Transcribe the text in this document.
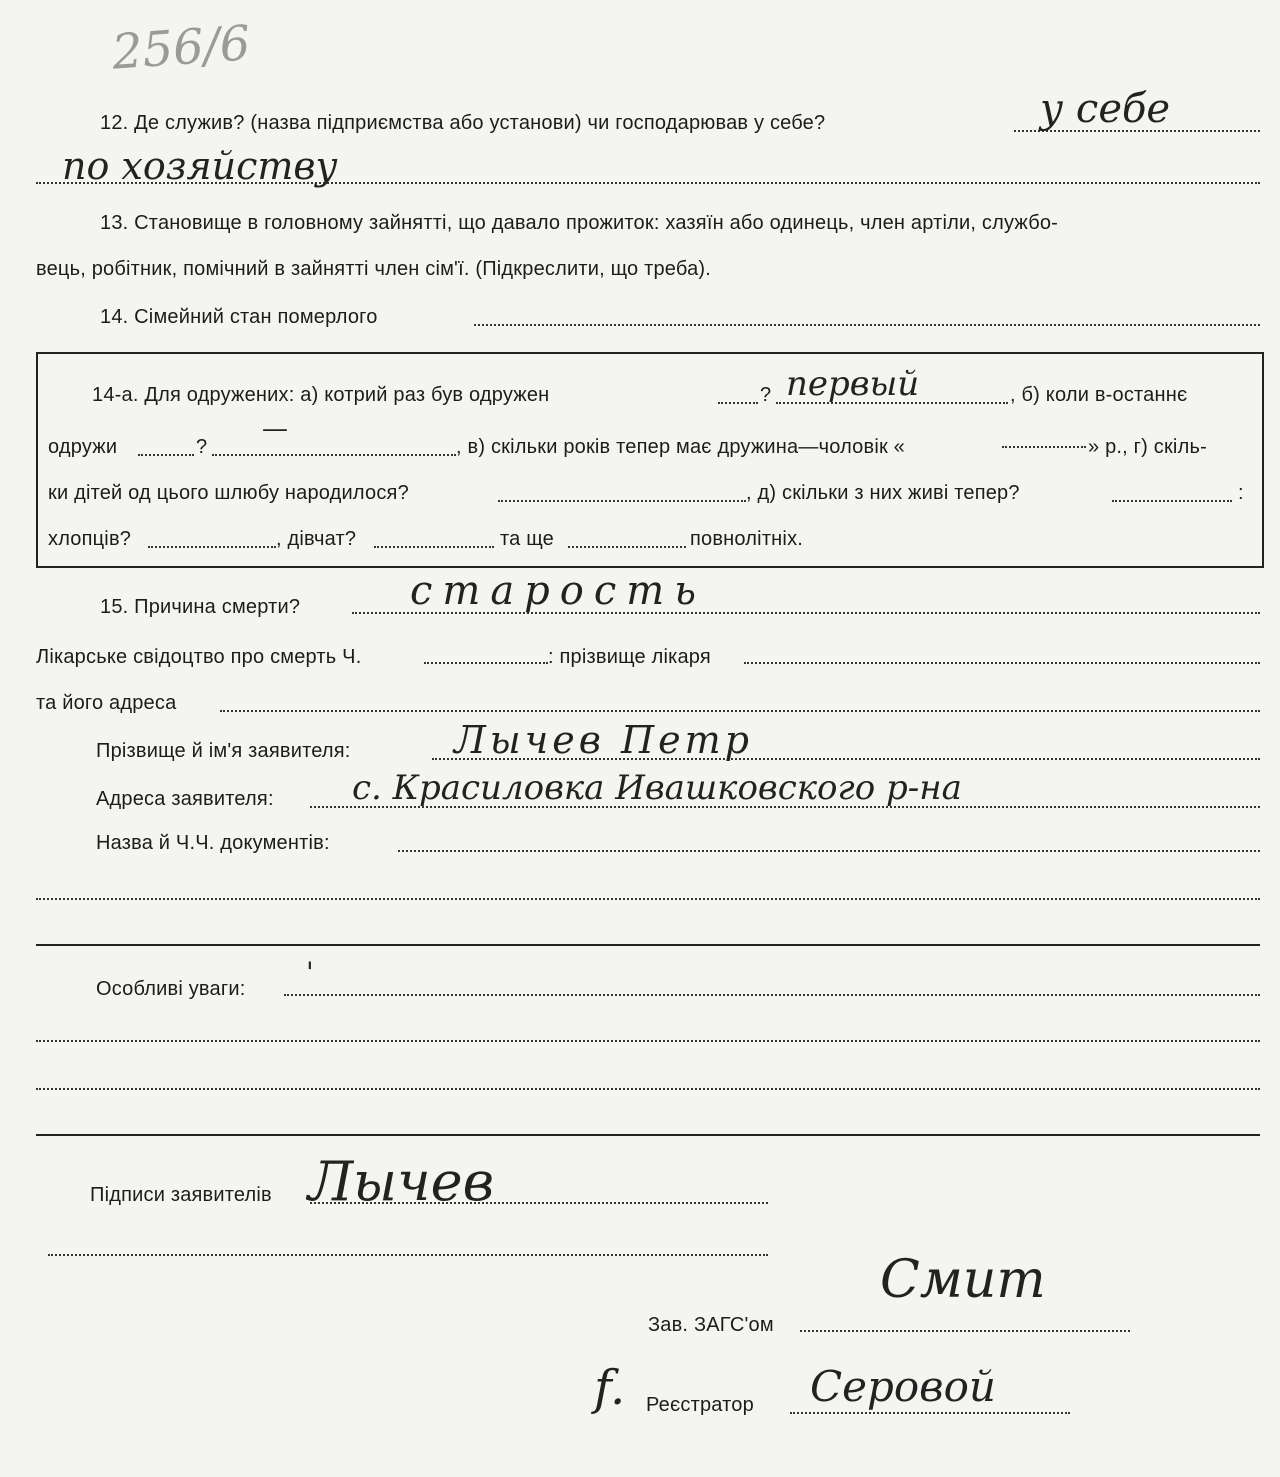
256/6
12. Де служив? (назва підприємства або установи) чи господарював у себе?	у себе
по хозяйству
13. Становище в головному зайнятті, що давало прожиток: хазяїн або одинець, член артіли, службо-
вець, робітник, помічний в зайнятті член сім'ї. (Підкреслити, що треба).
14. Сімейний стан померлого
14-а. Для одружених: а) котрий раз був одружен	? первый	, б) коли в-останнє
одружи	?
—
, в) скільки років тепер має дружина—чоловік «	» р., г) скіль-
ки дітей од цього шлюбу народилося?	, д) скільки з них живі тепер?	:
хлопців?	, дівчат?	та ще	повнолітніх.
15. Причина смерти?	старость
Лікарське свідоцтво про смерть Ч.	: прізвище лікаря
та його адреса
Прізвище й ім'я заявителя:	Лычев Петр
Адреса заявителя: с. Красиловка Ивашковского р-на
Назва й Ч.Ч. документів:
Особливі уваги: '
Підписи заявителів Лычев
Зав. ЗАГС'ом
Смит
f. Реєстратор Серовой
